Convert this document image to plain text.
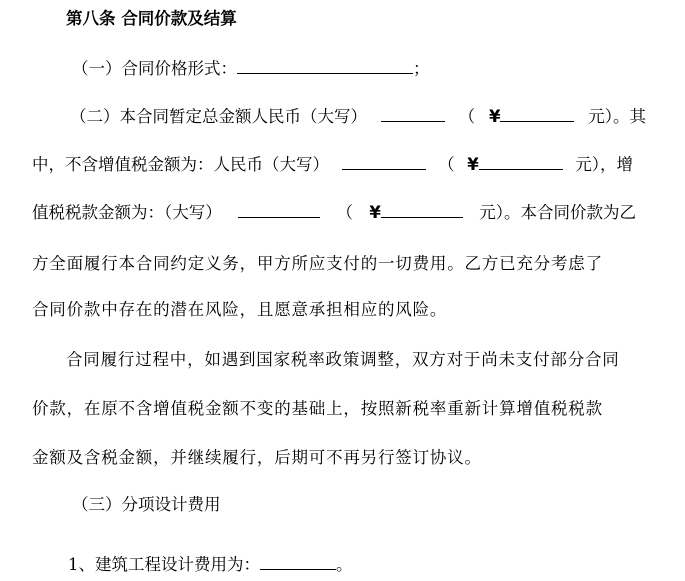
第八条 合同价款及结算
（一）合同价格形式：	；
（二）本合同暂定总金额人民币（大写）	（ ¥	元）。其
中，不含增值税金额为：人民币（大写）	（ ¥	元），增
值税税款金额为：（大写）	（ ¥	元）。本合同价款为乙
方全面履行本合同约定义务，甲方所应支付的一切费用。乙方已充分考虑了
合同价款中存在的潜在风险，且愿意承担相应的风险。
合同履行过程中，如遇到国家税率政策调整，双方对于尚未支付部分合同
价款，在原不含增值税金额不变的基础上，按照新税率重新计算增值税税款
金额及含税金额，并继续履行，后期可不再另行签订协议。
（三）分项设计费用
1、建筑工程设计费用为：	。
